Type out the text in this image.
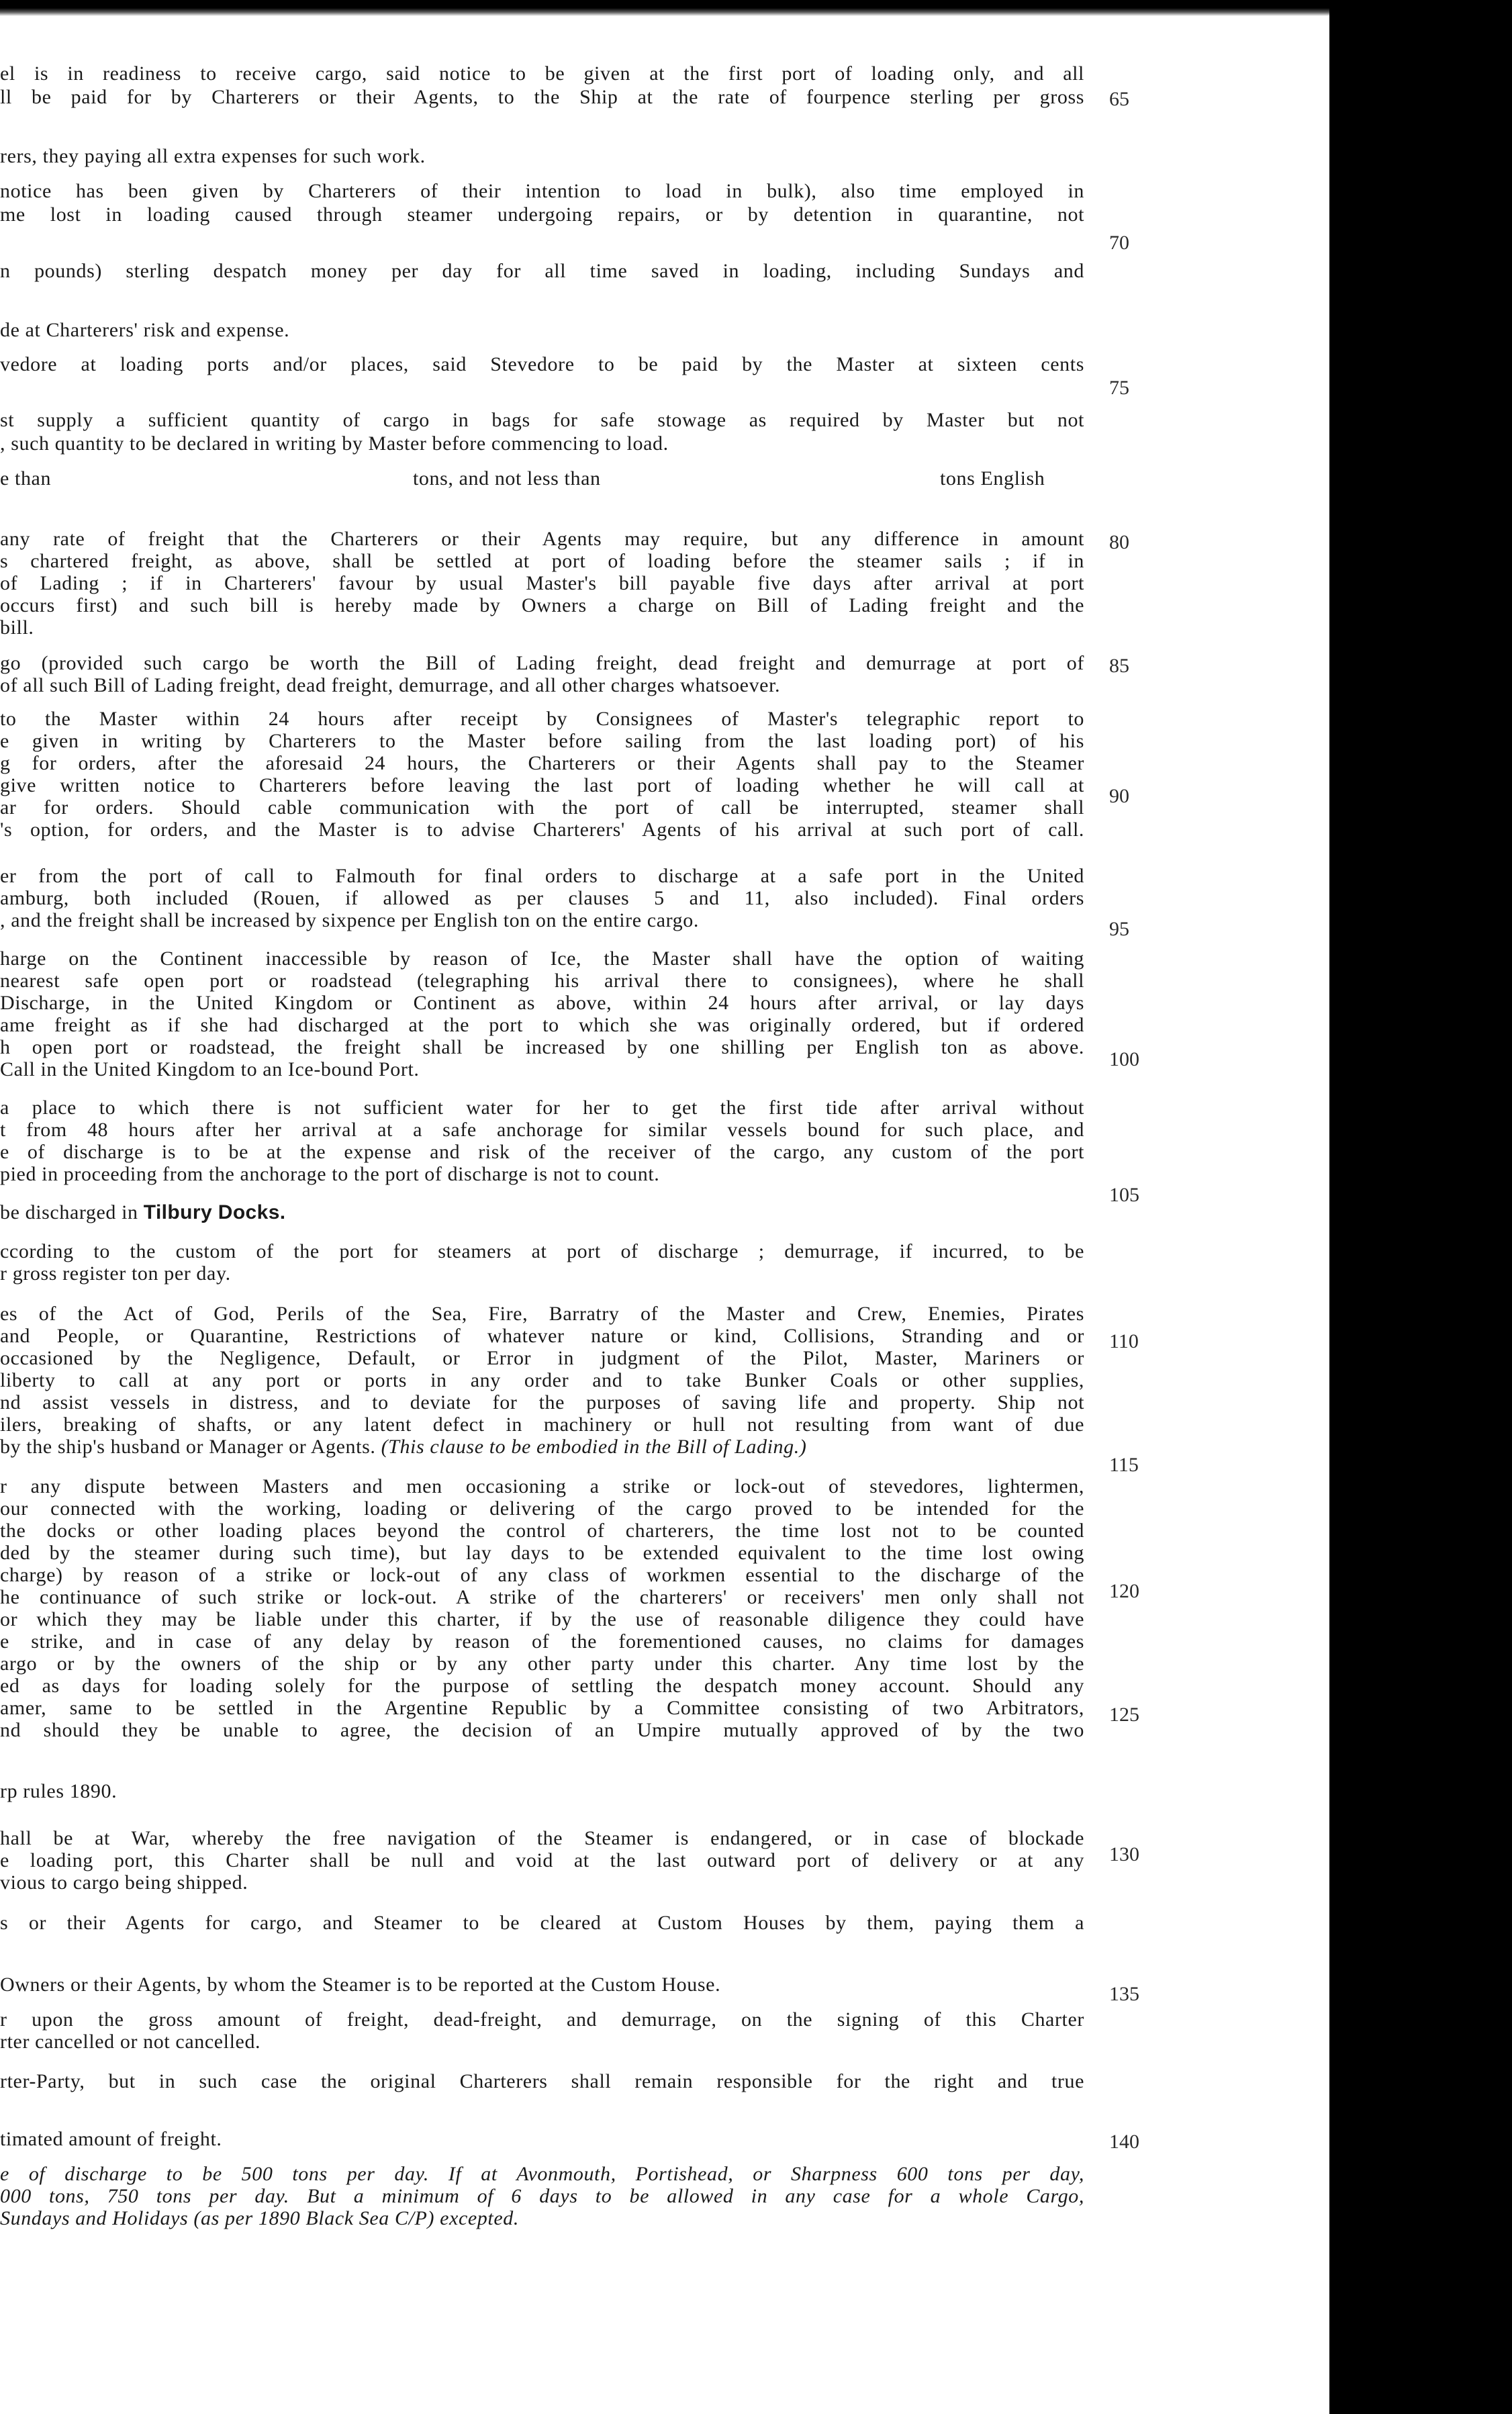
el is in readiness to receive cargo, said notice to be given at the first port of loading only, and all
ll be paid for by Charterers or their Agents, to the Ship at the rate of fourpence sterling per gross
rers, they paying all extra expenses for such work.
notice has been given by Charterers of their intention to load in bulk), also time employed in
me lost in loading caused through steamer undergoing repairs, or by detention in quarantine, not
n pounds) sterling despatch money per day for all time saved in loading, including Sundays and
de at Charterers' risk and expense.
vedore at loading ports and/or places, said Stevedore to be paid by the Master at sixteen cents
st supply a sufficient quantity of cargo in bags for safe stowage as required by Master but not
, such quantity to be declared in writing by Master before commencing to load.
e than	tons, and not less than	tons English
any rate of freight that the Charterers or their Agents may require, but any difference in amount
s chartered freight, as above, shall be settled at port of loading before the steamer sails ; if in
of Lading ; if in Charterers' favour by usual Master's bill payable five days after arrival at port
occurs first) and such bill is hereby made by Owners a charge on Bill of Lading freight and the
bill.
go (provided such cargo be worth the Bill of Lading freight, dead freight and demurrage at port of
of all such Bill of Lading freight, dead freight, demurrage, and all other charges whatsoever.
to the Master within 24 hours after receipt by Consignees of Master's telegraphic report to
e given in writing by Charterers to the Master before sailing from the last loading port) of his
g for orders, after the aforesaid 24 hours, the Charterers or their Agents shall pay to the Steamer
give written notice to Charterers before leaving the last port of loading whether he will call at
ar for orders. Should cable communication with the port of call be interrupted, steamer shall
's option, for orders, and the Master is to advise Charterers' Agents of his arrival at such port of call.
er from the port of call to Falmouth for final orders to discharge at a safe port in the United
amburg, both included (Rouen, if allowed as per clauses 5 and 11, also included). Final orders
, and the freight shall be increased by sixpence per English ton on the entire cargo.
harge on the Continent inaccessible by reason of Ice, the Master shall have the option of waiting
nearest safe open port or roadstead (telegraphing his arrival there to consignees), where he shall
Discharge, in the United Kingdom or Continent as above, within 24 hours after arrival, or lay days
ame freight as if she had discharged at the port to which she was originally ordered, but if ordered
h open port or roadstead, the freight shall be increased by one shilling per English ton as above.
Call in the United Kingdom to an Ice-bound Port.
a place to which there is not sufficient water for her to get the first tide after arrival without
t from 48 hours after her arrival at a safe anchorage for similar vessels bound for such place, and
e of discharge is to be at the expense and risk of the receiver of the cargo, any custom of the port
pied in proceeding from the anchorage to the port of discharge is not to count.
be discharged in Tilbury Docks.
ccording to the custom of the port for steamers at port of discharge ; demurrage, if incurred, to be
r gross register ton per day.
es of the Act of God, Perils of the Sea, Fire, Barratry of the Master and Crew, Enemies, Pirates
and People, or Quarantine, Restrictions of whatever nature or kind, Collisions, Stranding and or
occasioned by the Negligence, Default, or Error in judgment of the Pilot, Master, Mariners or
liberty to call at any port or ports in any order and to take Bunker Coals or other supplies,
nd assist vessels in distress, and to deviate for the purposes of saving life and property. Ship not
ilers, breaking of shafts, or any latent defect in machinery or hull not resulting from want of due
by the ship's husband or Manager or Agents. (This clause to be embodied in the Bill of Lading.)
r any dispute between Masters and men occasioning a strike or lock-out of stevedores, lightermen,
our connected with the working, loading or delivering of the cargo proved to be intended for the
the docks or other loading places beyond the control of charterers, the time lost not to be counted
ded by the steamer during such time), but lay days to be extended equivalent to the time lost owing
charge) by reason of a strike or lock-out of any class of workmen essential to the discharge of the
he continuance of such strike or lock-out. A strike of the charterers' or receivers' men only shall not
or which they may be liable under this charter, if by the use of reasonable diligence they could have
e strike, and in case of any delay by reason of the forementioned causes, no claims for damages
argo or by the owners of the ship or by any other party under this charter. Any time lost by the
ed as days for loading solely for the purpose of settling the despatch money account. Should any
amer, same to be settled in the Argentine Republic by a Committee consisting of two Arbitrators,
nd should they be unable to agree, the decision of an Umpire mutually approved of by the two
rp rules 1890.
hall be at War, whereby the free navigation of the Steamer is endangered, or in case of blockade
e loading port, this Charter shall be null and void at the last outward port of delivery or at any
vious to cargo being shipped.
s or their Agents for cargo, and Steamer to be cleared at Custom Houses by them, paying them a
Owners or their Agents, by whom the Steamer is to be reported at the Custom House.
r upon the gross amount of freight, dead-freight, and demurrage, on the signing of this Charter
rter cancelled or not cancelled.
rter-Party, but in such case the original Charterers shall remain responsible for the right and true
timated amount of freight.
e of discharge to be 500 tons per day. If at Avonmouth, Portishead, or Sharpness 600 tons per day,
000 tons, 750 tons per day. But a minimum of 6 days to be allowed in any case for a whole Cargo,
Sundays and Holidays (as per 1890 Black Sea C/P) excepted.
65
70
75
80
85
90
95
100
105
110
115
120
125
130
135
140
